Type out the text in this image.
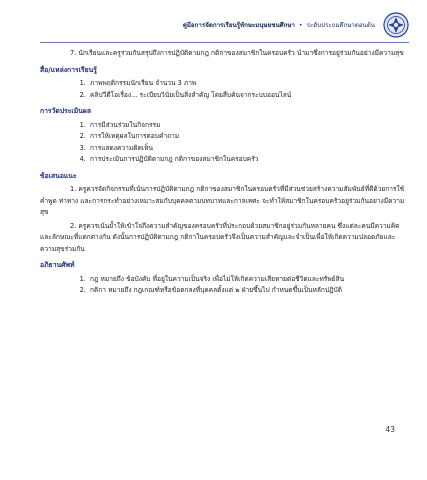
คู่มือการจัดการเรียนรู้ทักษะมนุษยชนศึกษา • ระดับประถมศึกษาตอนต้น

7. นักเรียนและครูร่วมกันสรุปถึงการปฏิบัติตามกฎ กติกาของสมาชิกในครอบครัว นำมาซึ่งการอยู่ร่วมกันอย่างมีความสุข

สื่อ/แหล่งการเรียนรู้

1. ภาพพฤติกรรมนักเรียน จำนวน 3 ภาพ
2. คลิปวีดีโอเรื่อง... ระเบียบวินัยเป็นสิ่งสำคัญ โดยสืบค้นจากระบบออนไลน์

การวัดประเมินผล

1. การมีส่วนร่วมในกิจกรรม
2. การให้เหตุผลในการตอบคำถาม
3. การแสดงความคิดเห็น
4. การประเมินการปฏิบัติตามกฎ กติกาของสมาชิกในครอบครัว

ข้อเสนอแนะ

1. ครูควรจัดกิจกรรมที่เน้นการปฏิบัติตามกฎ กติกาของสมาชิกในครอบครัวที่มีส่วนช่วยสร้างความสัมพันธ์ที่ดีด้วยการใช้คำพูด ท่าทาง และการกระทำอย่างเหมาะสมกับบุคคลตามบทบาทและกาลเทศะ จะทำให้สมาชิกในครอบครัวอยู่ร่วมกันอย่างมีความสุข

2. ครูควรเน้นย้ำให้เข้าใจถึงความสำคัญของครอบครัวที่ประกอบด้วยสมาชิกอยู่ร่วมกันหลายคน ซึ่งแต่ละคนมีความคิดและลักษณะที่แตกต่างกัน ดังนั้นการปฏิบัติตามกฎ กติกาในครอบครัวจึงเป็นความสำคัญและจำเป็นเพื่อให้เกิดความปลอดภัยและความสุขร่วมกัน

อภิธานศัพท์

1. กฎ หมายถึง ข้อบังคับ ที่อยู่ในความเป็นจริง เพื่อไม่ให้เกิดความเสียหายต่อชีวิตและทรัพย์สิน
2. กติกา หมายถึง กฎเกณฑ์หรือข้อตกลงที่บุคคลตั้งแต่ ๒ ฝ่ายขึ้นไป กำหนดขึ้นเป็นหลักปฏิบัติ
43
